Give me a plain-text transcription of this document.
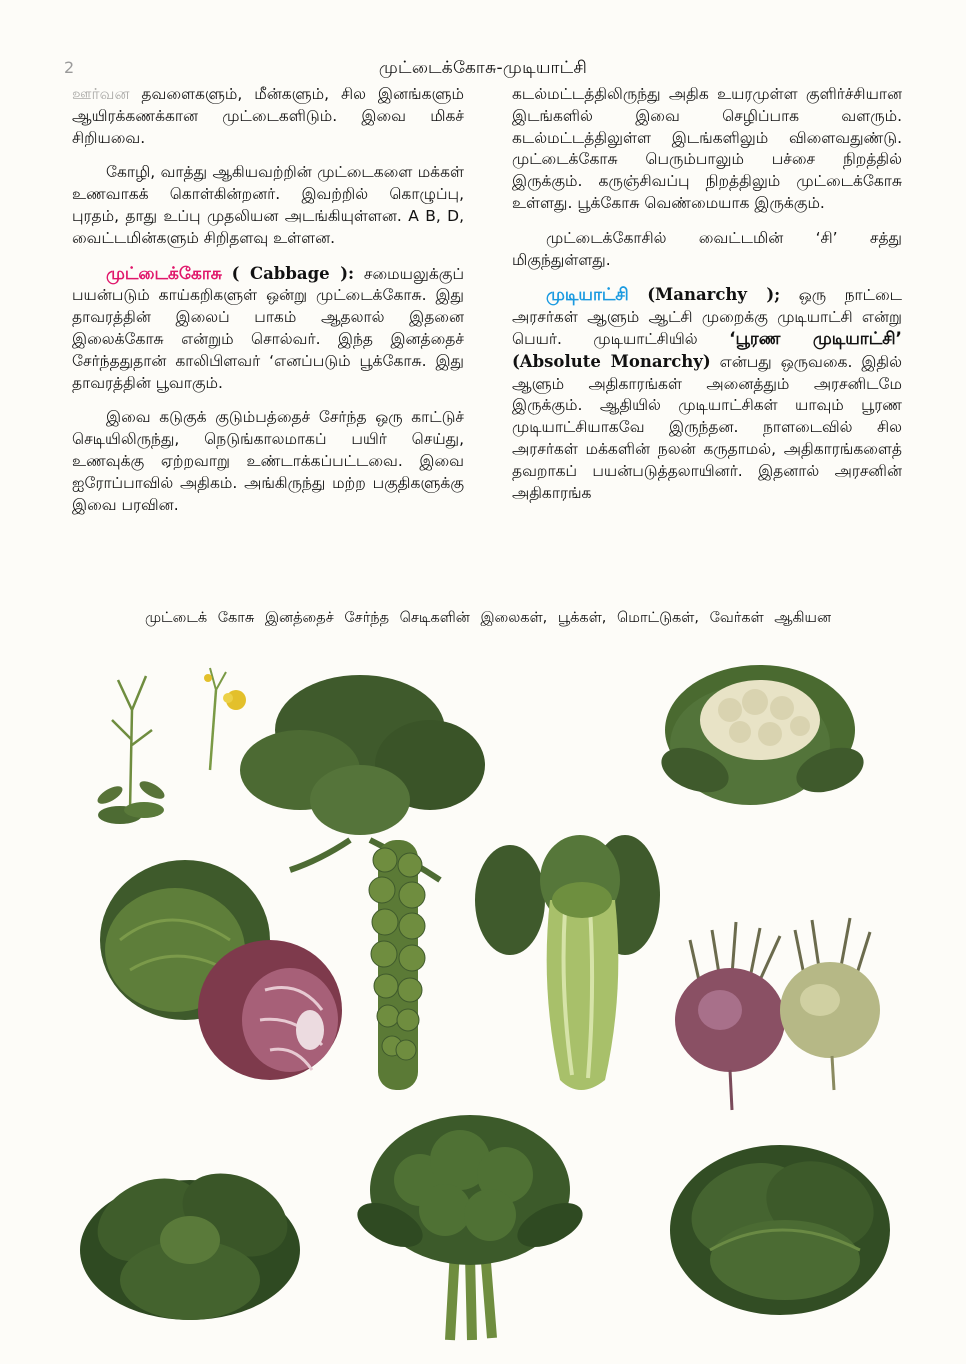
2	முட்டைக்கோசு-முடியாட்சி

ஊர்வன தவளைகளும், மீன்களும், சில இனங்களும் ஆயிரக்கணக்கான முட்டைகளிடும். இவை மிகச் சிறியவை.

கோழி, வாத்து ஆகியவற்றின் முட்டைகளை மக்கள் உணவாகக் கொள்கின்றனர். இவற்றில் கொழுப்பு, புரதம், தாது உப்பு முதலியன அடங்கியுள்ளன. A B, D, வைட்டமின்களும் சிறிதளவு உள்ளன.

முட்டைக்கோசு ( Cabbage ): சமையலுக்குப் பயன்படும் காய்கறிகளுள் ஒன்று முட்டைக்கோசு. இது தாவரத்தின் இலைப் பாகம் ஆதலால் இதனை இலைக்கோசு என்றும் சொல்வர். இந்த இனத்தைச் சேர்ந்ததுதான் காலிபிளவர் ‘எனப்படும் பூக்கோசு. இது தாவரத்தின் பூவாகும்.

இவை கடுகுக் குடும்பத்தைச் சேர்ந்த ஒரு காட்டுச் செடியிலிருந்து, நெடுங்காலமாகப் பயிர் செய்து, உணவுக்கு ஏற்றவாறு உண்டாக்கப்பட்டவை. இவை ஐரோப்பாவில் அதிகம். அங்கிருந்து மற்ற பகுதிகளுக்கு இவை பரவின.

கடல்மட்டத்திலிருந்து அதிக உயரமுள்ள குளிர்ச்சியான இடங்களில் இவை செழிப்பாக வளரும். கடல்மட்டத்திலுள்ள இடங்களிலும் விளைவதுண்டு. முட்டைக்கோசு பெரும்பாலும் பச்சை நிறத்தில் இருக்கும். கருஞ்சிவப்பு நிறத்திலும் முட்டைக்கோசு உள்ளது. பூக்கோசு வெண்மையாக இருக்கும்.

முட்டைக்கோசில் வைட்டமின் ‘சி’ சத்து மிகுந்துள்ளது.

முடியாட்சி (Manarchy ); ஒரு நாட்டை அரசர்கள் ஆளும் ஆட்சி முறைக்கு முடியாட்சி என்று பெயர். முடியாட்சியில் ‘பூரண முடியாட்சி’ (Absolute Monarchy) என்பது ஒருவகை. இதில் ஆளும் அதிகாரங்கள் அனைத்தும் அரசனிடமே இருக்கும். ஆதியில் முடியாட்சிகள் யாவும் பூரண முடியாட்சியாகவே இருந்தன. நாளடைவில் சில அரசர்கள் மக்களின் நலன் கருதாமல், அதிகாரங்களைத் தவறாகப் பயன்படுத்தலாயினர். இதனால் அரசனின் அதிகாரங்க

முட்டைக் கோசு இனத்தைச் சேர்ந்த செடிகளின் இலைகள், பூக்கள், மொட்டுகள், வேர்கள் ஆகியன
